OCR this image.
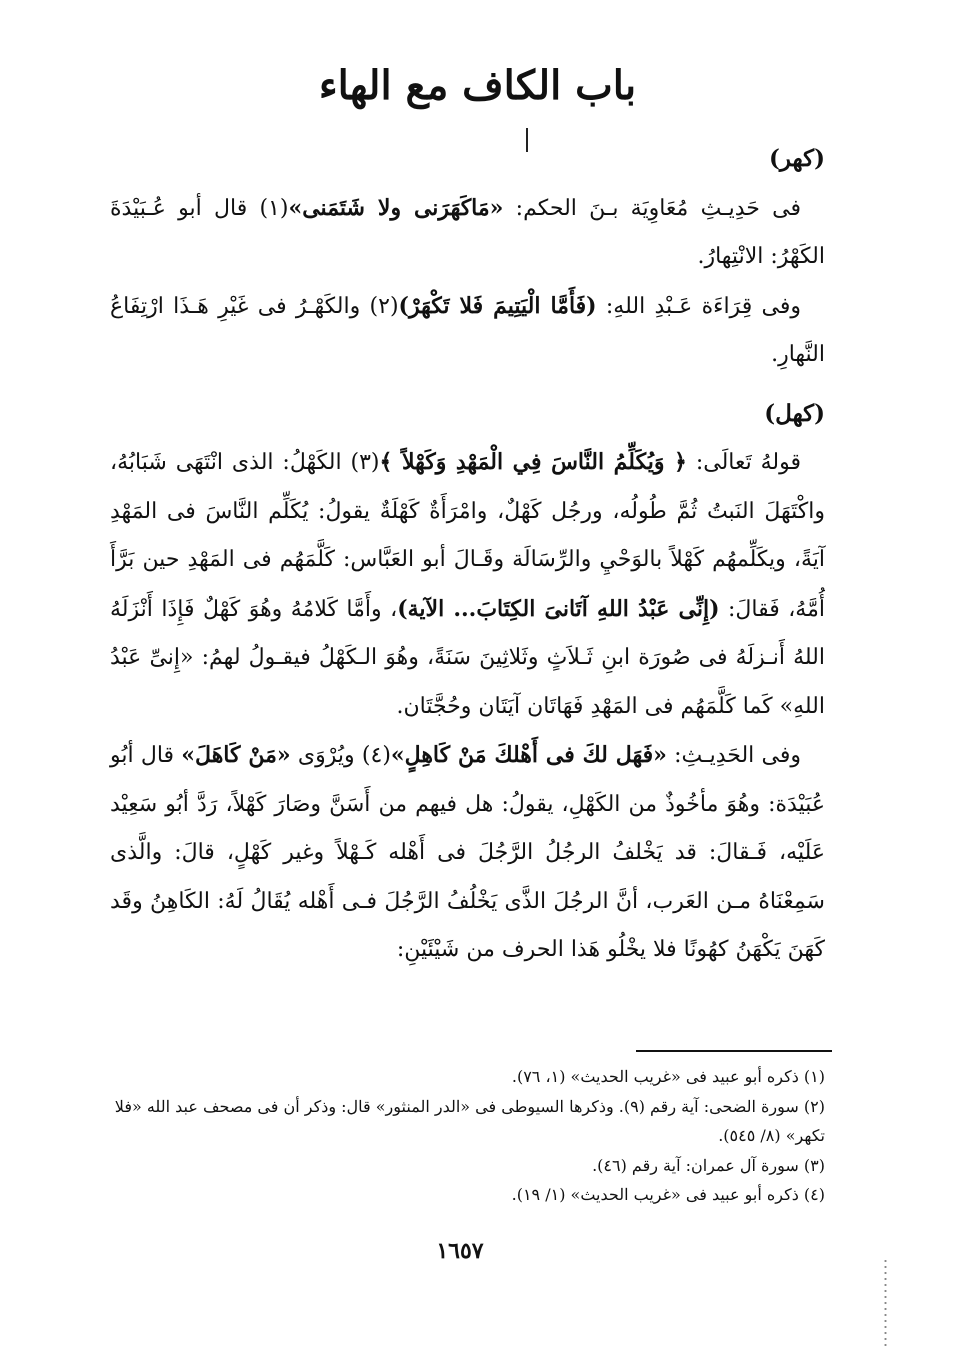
باب الكاف مع الهاء

(كهر)

فى حَدِيـثِ مُعَاوِيَة بـنَ الحكم: «مَاكَهَرَنى ولا شَتَمَنى»(١) قال أبو عُـبَيْدَةَ الكَهْرُ: الانْتِهارُ.

وفى قِرَاءَة عَـبْدِ اللهِ: (فَأَمَّا الْيَتِيمَ فَلا تَكْهَرْ)(٢) والكَهْـرُ فى غَيْرِ هَـذَا ارْتِفَاعُ النَّهارِ.

(كهل)

قولهُ تَعالَى: ﴿ وَيُكَلِّمُ النَّاسَ فِي الْمَهْدِ وَكَهْلاً ﴾(٣) الكَهْلُ: الذى انْتَهَى شَبَابُهُ، واكْتَهَلَ النَبتُ ثُمَّ طُولُه، ورجُل كَهْلٌ، وامْرَأَةٌ كَهْلَةٌ يقولُ: يُكَلِّم النَّاسَ فى المَهْدِ آيَةً، ويكَلِّمهُم كَهْلاً بالوَحْيِ والرِّسَالَة وقَـالَ أبو العَبَّاس: كَلَّمَهُم فى المَهْدِ حين بَرَّأَ أُمَّهُ، فَقالَ: (إِنِّى عَبْدُ اللهِ آتَانىَ الكِتَابَ... الآية)، وأَمَّا كَلامُهُ وهُوَ كَهْلٌ فَإِذَا أَنْزَلَهُ اللهُ أَنـزلَهُ فى صُورَة ابنِ ثَـلاَثٍ وثَلاثِينَ سَنَةً، وهُوَ الـكَهْلُ فيقـولُ لهمُ: «إِنىِّ عَبْدُ اللهِ» كَما كَلَّمَهُم فى المَهْدِ فَهَاتَان آيَتَان وحُجَّتَان.

وفى الحَدِيـثِ: «فَهَل لكَ فى أَهْلكَ مَنْ كَاهِلٍ»(٤) ويُرْوَى «مَنْ كَاهَلَ» قال أبُو عُبَيْدَة: وهُوَ مأخُوذٌ من الكَهْلِ، يقولُ: هل فيهم من أَسَنَّ وصَارَ كَهْلاً، رَدَّ أبُو سَعِيْد عَلَيْه، فَـقالَ: قد يَخْلفُ الرجُلُ الرَّجُلَ فى أَهْله كَـهْلاً وغير كَهْلٍ، قالَ: والَّذى سَمِعْنَاهُ مـن العَرب، أنَّ الرجُلَ الذَّى يَخْلُفُ الرَّجُلَ فـى أَهْله يُقَالُ لَهُ: الكَاهِنُ وقَد كَهَنَ يَكْهَنُ كهُونًا فلا يخْلُو هَذا الحرف من شَيْئَيْنِ:

(١) ذكره أبو عبيد فى «غريب الحديث» (١، ٧٦).

(٢) سورة الضحى: آية رقم (٩). وذكرها السيوطى فى «الدر المنثور» قال: وذكر أن فى مصحف عبد الله «فلا تكهر» (٨/ ٥٤٥).

(٣) سورة آل عمران: آية رقم (٤٦).

(٤) ذكره أبو عبيد فى «غريب الحديث» (١/ ١٩).

١٦٥٧
